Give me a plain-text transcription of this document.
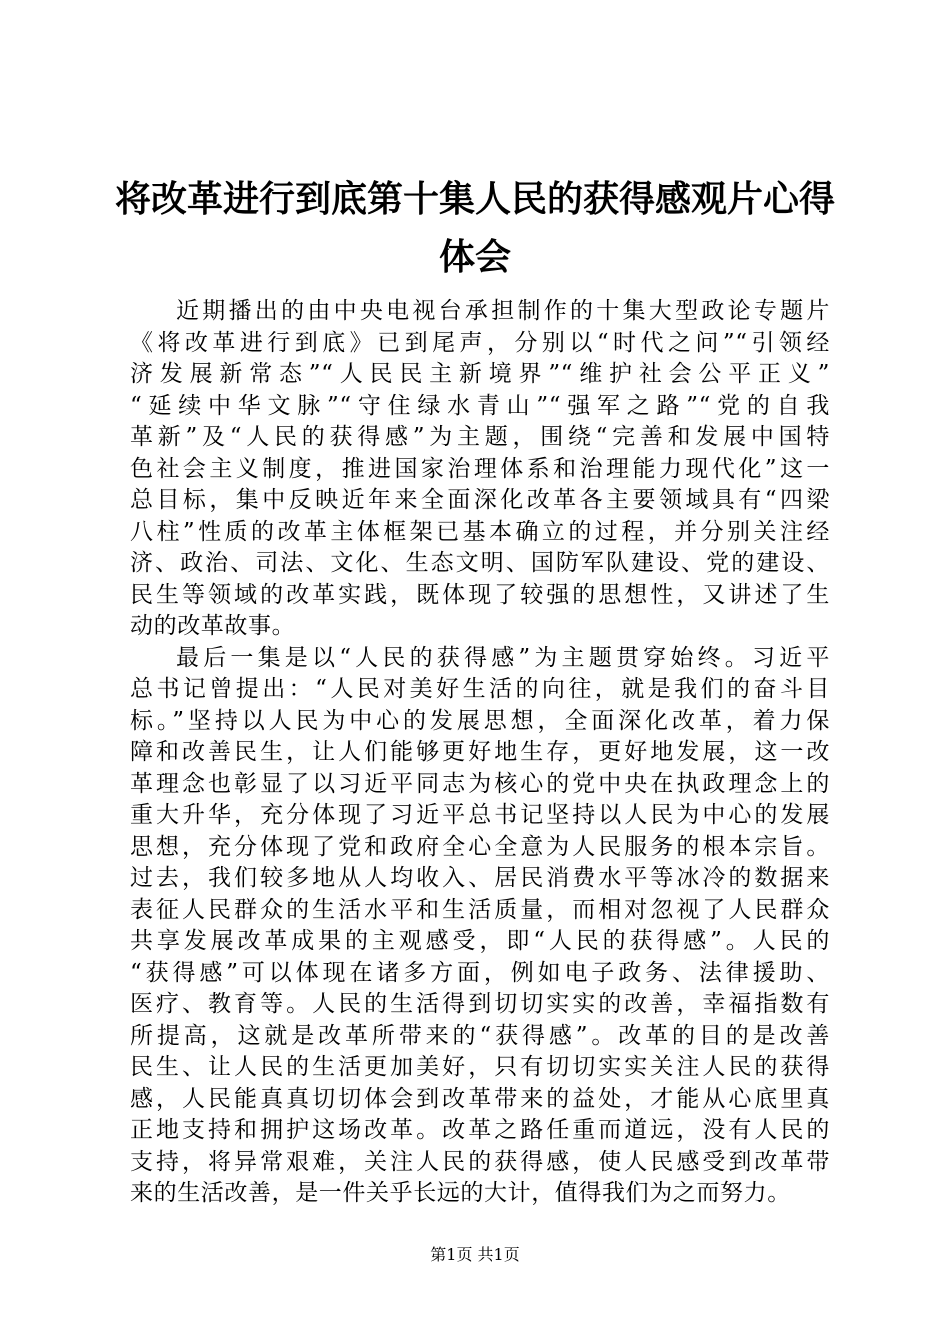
将改革进行到底第十集人民的获得感观片心得
体会

近期播出的由中央电视台承担制作的十集大型政论专题片
《将改革进行到底》已到尾声，分别以“时代之问”“引领经
济发展新常态”“人民民主新境界”“维护社会公平正义”
“延续中华文脉”“守住绿水青山”“强军之路”“党的自我
革新”及“人民的获得感”为主题，围绕“完善和发展中国特
色社会主义制度，推进国家治理体系和治理能力现代化”这一
总目标，集中反映近年来全面深化改革各主要领域具有“四梁
八柱”性质的改革主体框架已基本确立的过程，并分别关注经
济、政治、司法、文化、生态文明、国防军队建设、党的建设、
民生等领域的改革实践，既体现了较强的思想性，又讲述了生
动的改革故事。

最后一集是以“人民的获得感”为主题贯穿始终。习近平
总书记曾提出：“人民对美好生活的向往，就是我们的奋斗目
标。”坚持以人民为中心的发展思想，全面深化改革，着力保
障和改善民生，让人们能够更好地生存，更好地发展，这一改
革理念也彰显了以习近平同志为核心的党中央在执政理念上的
重大升华，充分体现了习近平总书记坚持以人民为中心的发展
思想，充分体现了党和政府全心全意为人民服务的根本宗旨。
过去，我们较多地从人均收入、居民消费水平等冰冷的数据来
表征人民群众的生活水平和生活质量，而相对忽视了人民群众
共享发展改革成果的主观感受，即“人民的获得感”。人民的
“获得感”可以体现在诸多方面，例如电子政务、法律援助、
医疗、教育等。人民的生活得到切切实实的改善，幸福指数有
所提高，这就是改革所带来的“获得感”。改革的目的是改善
民生、让人民的生活更加美好，只有切切实实关注人民的获得
感，人民能真真切切体会到改革带来的益处，才能从心底里真
正地支持和拥护这场改革。改革之路任重而道远，没有人民的
支持，将异常艰难，关注人民的获得感，使人民感受到改革带
来的生活改善，是一件关乎长远的大计，值得我们为之而努力。

第1页 共1页
